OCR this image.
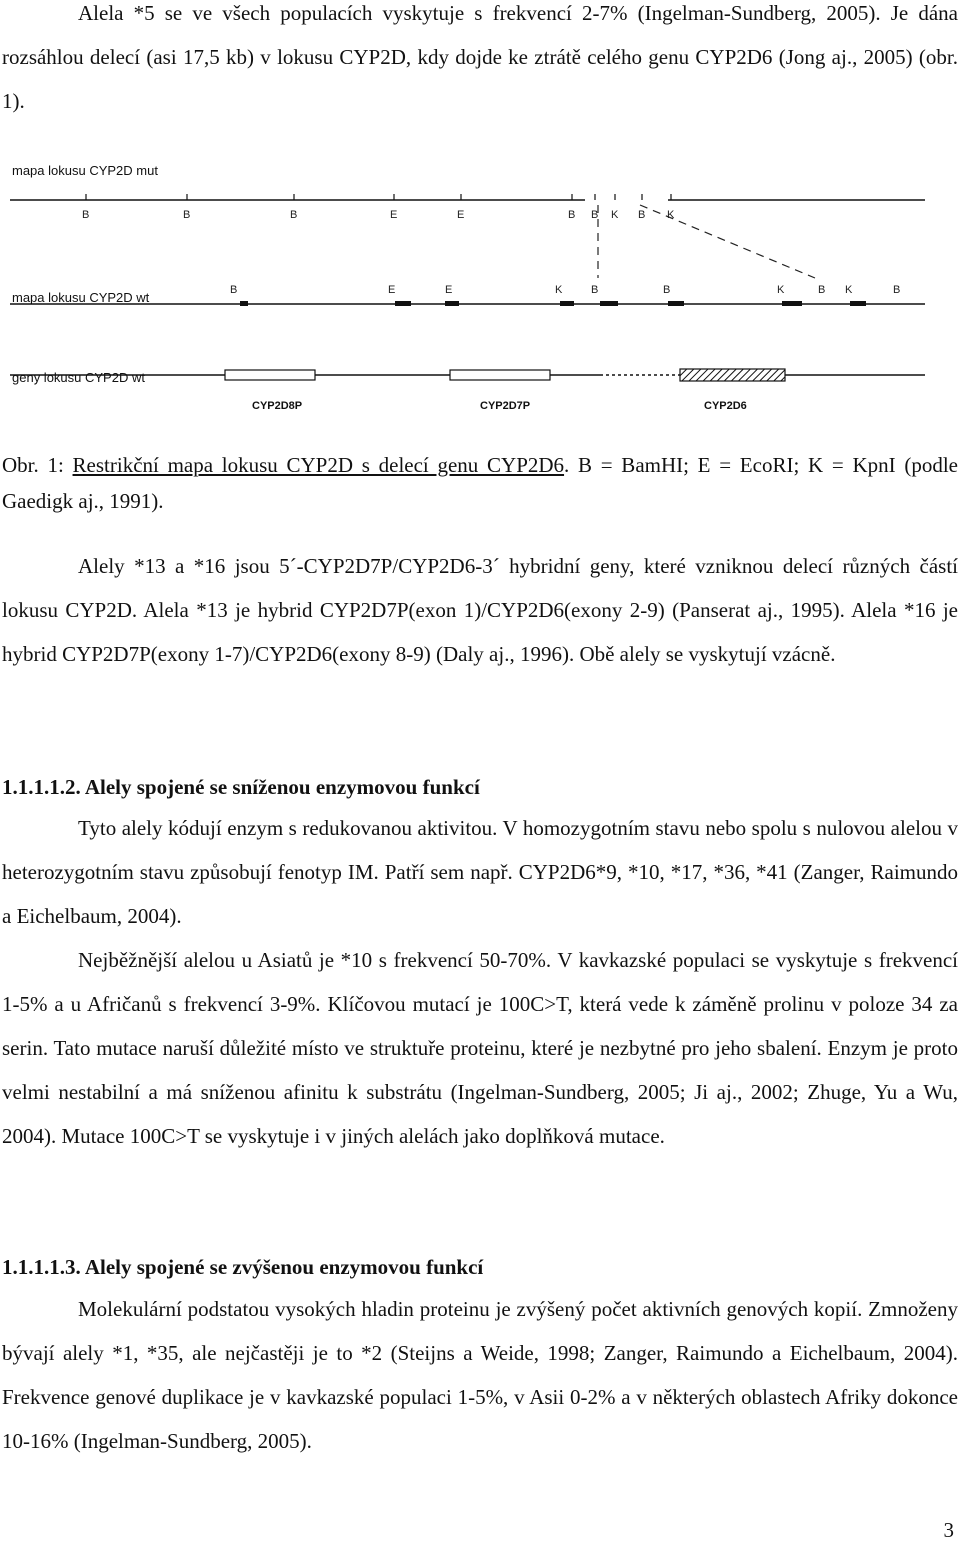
Alela *5 se ve všech populacích vyskytuje s frekvencí 2-7% (Ingelman-Sundberg, 2005). Je dána rozsáhlou delecí (asi 17,5 kb) v lokusu CYP2D, kdy dojde ke ztrátě celého genu CYP2D6 (Jong aj., 2005) (obr. 1).

mapa lokusu CYP2D mut
B	B	B	E	E	B B K B K
mapa lokusu CYP2D wt	B	E	E	K	B	B	K	B K	B
geny lokusu CYP2D wt
CYP2D8P	CYP2D7P	CYP2D6

Obr. 1: Restrikční mapa lokusu CYP2D s delecí genu CYP2D6. B = BamHI; E = EcoRI; K = KpnI (podle Gaedigk aj., 1991).

Alely *13 a *16 jsou 5´-CYP2D7P/CYP2D6-3´ hybridní geny, které vzniknou delecí různých částí lokusu CYP2D. Alela *13 je hybrid CYP2D7P(exon 1)/CYP2D6(exony 2-9) (Panserat aj., 1995). Alela *16 je hybrid CYP2D7P(exony 1-7)/CYP2D6(exony 8-9) (Daly aj., 1996). Obě alely se vyskytují vzácně.

1.1.1.1.2. Alely spojené se sníženou enzymovou funkcí

Tyto alely kódují enzym s redukovanou aktivitou. V homozygotním stavu nebo spolu s nulovou alelou v heterozygotním stavu způsobují fenotyp IM. Patří sem např. CYP2D6*9, *10, *17, *36, *41 (Zanger, Raimundo a Eichelbaum, 2004).

Nejběžnější alelou u Asiatů je *10 s frekvencí 50-70%. V kavkazské populaci se vyskytuje s frekvencí 1-5% a u Afričanů s frekvencí 3-9%. Klíčovou mutací je 100C>T, která vede k záměně prolinu v poloze 34 za serin. Tato mutace naruší důležité místo ve struktuře proteinu, které je nezbytné pro jeho sbalení. Enzym je proto velmi nestabilní a má sníženou afinitu k substrátu (Ingelman-Sundberg, 2005; Ji aj., 2002; Zhuge, Yu a Wu, 2004). Mutace 100C>T se vyskytuje i v jiných alelách jako doplňková mutace.

1.1.1.1.3. Alely spojené se zvýšenou enzymovou funkcí

Molekulární podstatou vysokých hladin proteinu je zvýšený počet aktivních genových kopií. Zmnoženy bývají alely *1, *35, ale nejčastěji je to *2 (Steijns a Weide, 1998; Zanger, Raimundo a Eichelbaum, 2004). Frekvence genové duplikace je v kavkazské populaci 1-5%, v Asii 0-2% a v některých oblastech Afriky dokonce 10-16% (Ingelman-Sundberg, 2005).

3
